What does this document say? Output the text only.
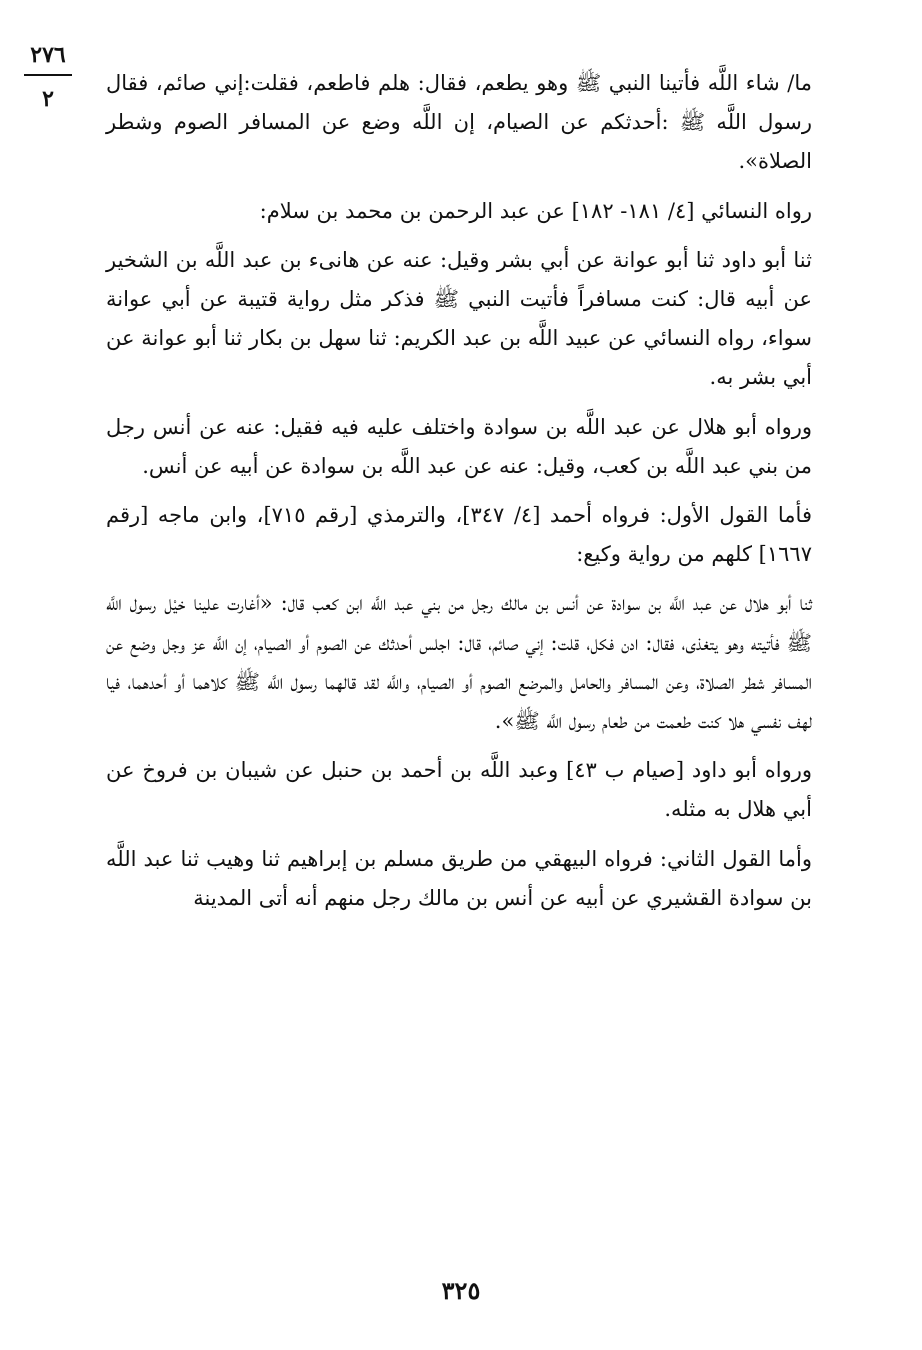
٢٧٦
٢

ما/ شاء اللَّه فأتينا النبي ﷺ وهو يطعم، فقال: هلم فاطعم، فقلت:إني صائم، فقال رسول اللَّه ﷺ :أحدثكم عن الصيام، إن اللَّه وضع عن المسافر الصوم وشطر الصلاة».

رواه النسائي [٤/ ١٨١- ١٨٢] عن عبد الرحمن بن محمد بن سلام:

ثنا أبو داود ثنا أبو عوانة عن أبي بشر وقيل: عنه عن هانىء بن عبد اللَّه بن الشخير عن أبيه قال: كنت مسافراً فأتيت النبي ﷺ فذكر مثل رواية قتيبة عن أبي عوانة سواء، رواه النسائي عن عبيد اللَّه بن عبد الكريم: ثنا سهل بن بكار ثنا أبو عوانة عن أبي بشر به.

ورواه أبو هلال عن عبد اللَّه بن سوادة واختلف عليه فيه فقيل: عنه عن أنس رجل من بني عبد اللَّه بن كعب، وقيل: عنه عن عبد اللَّه بن سوادة عن أبيه عن أنس.

فأما القول الأول: فرواه أحمد [٤/ ٣٤٧]، والترمذي [رقم ٧١٥]، وابن ماجه [رقم ١٦٦٧] كلهم من رواية وكيع:

ثنا أبو هلال عن عبد اللَّه بن سوادة عن أنس بن مالك رجل من بني عبد اللَّه ابن كعب قال: «أغارت علينا خيْل رسول اللَّه ﷺ فأتيته وهو يتغذى، فقال: ادن فكل، قلت: إني صائم، قال: اجلس أحدثك عن الصوم أو الصيام، إن اللَّه عز وجل وضع عن المسافر شطر الصلاة، وعن المسافر والحامل والمرضع الصوم أو الصيام، واللَّه لقد قالهما رسول اللَّه ﷺ كلاهما أو أحدهما، فيا لهف نفسي هلا كنت طعمت من طعام رسول اللَّه ﷺ».

ورواه أبو داود [صيام ب ٤٣] وعبد اللَّه بن أحمد بن حنبل عن شيبان بن فروخ عن أبي هلال به مثله.

وأما القول الثاني: فرواه البيهقي من طريق مسلم بن إبراهيم ثنا وهيب ثنا عبد اللَّه بن سوادة القشيري عن أبيه عن أنس بن مالك رجل منهم أنه أتى المدينة

٣٢٥
